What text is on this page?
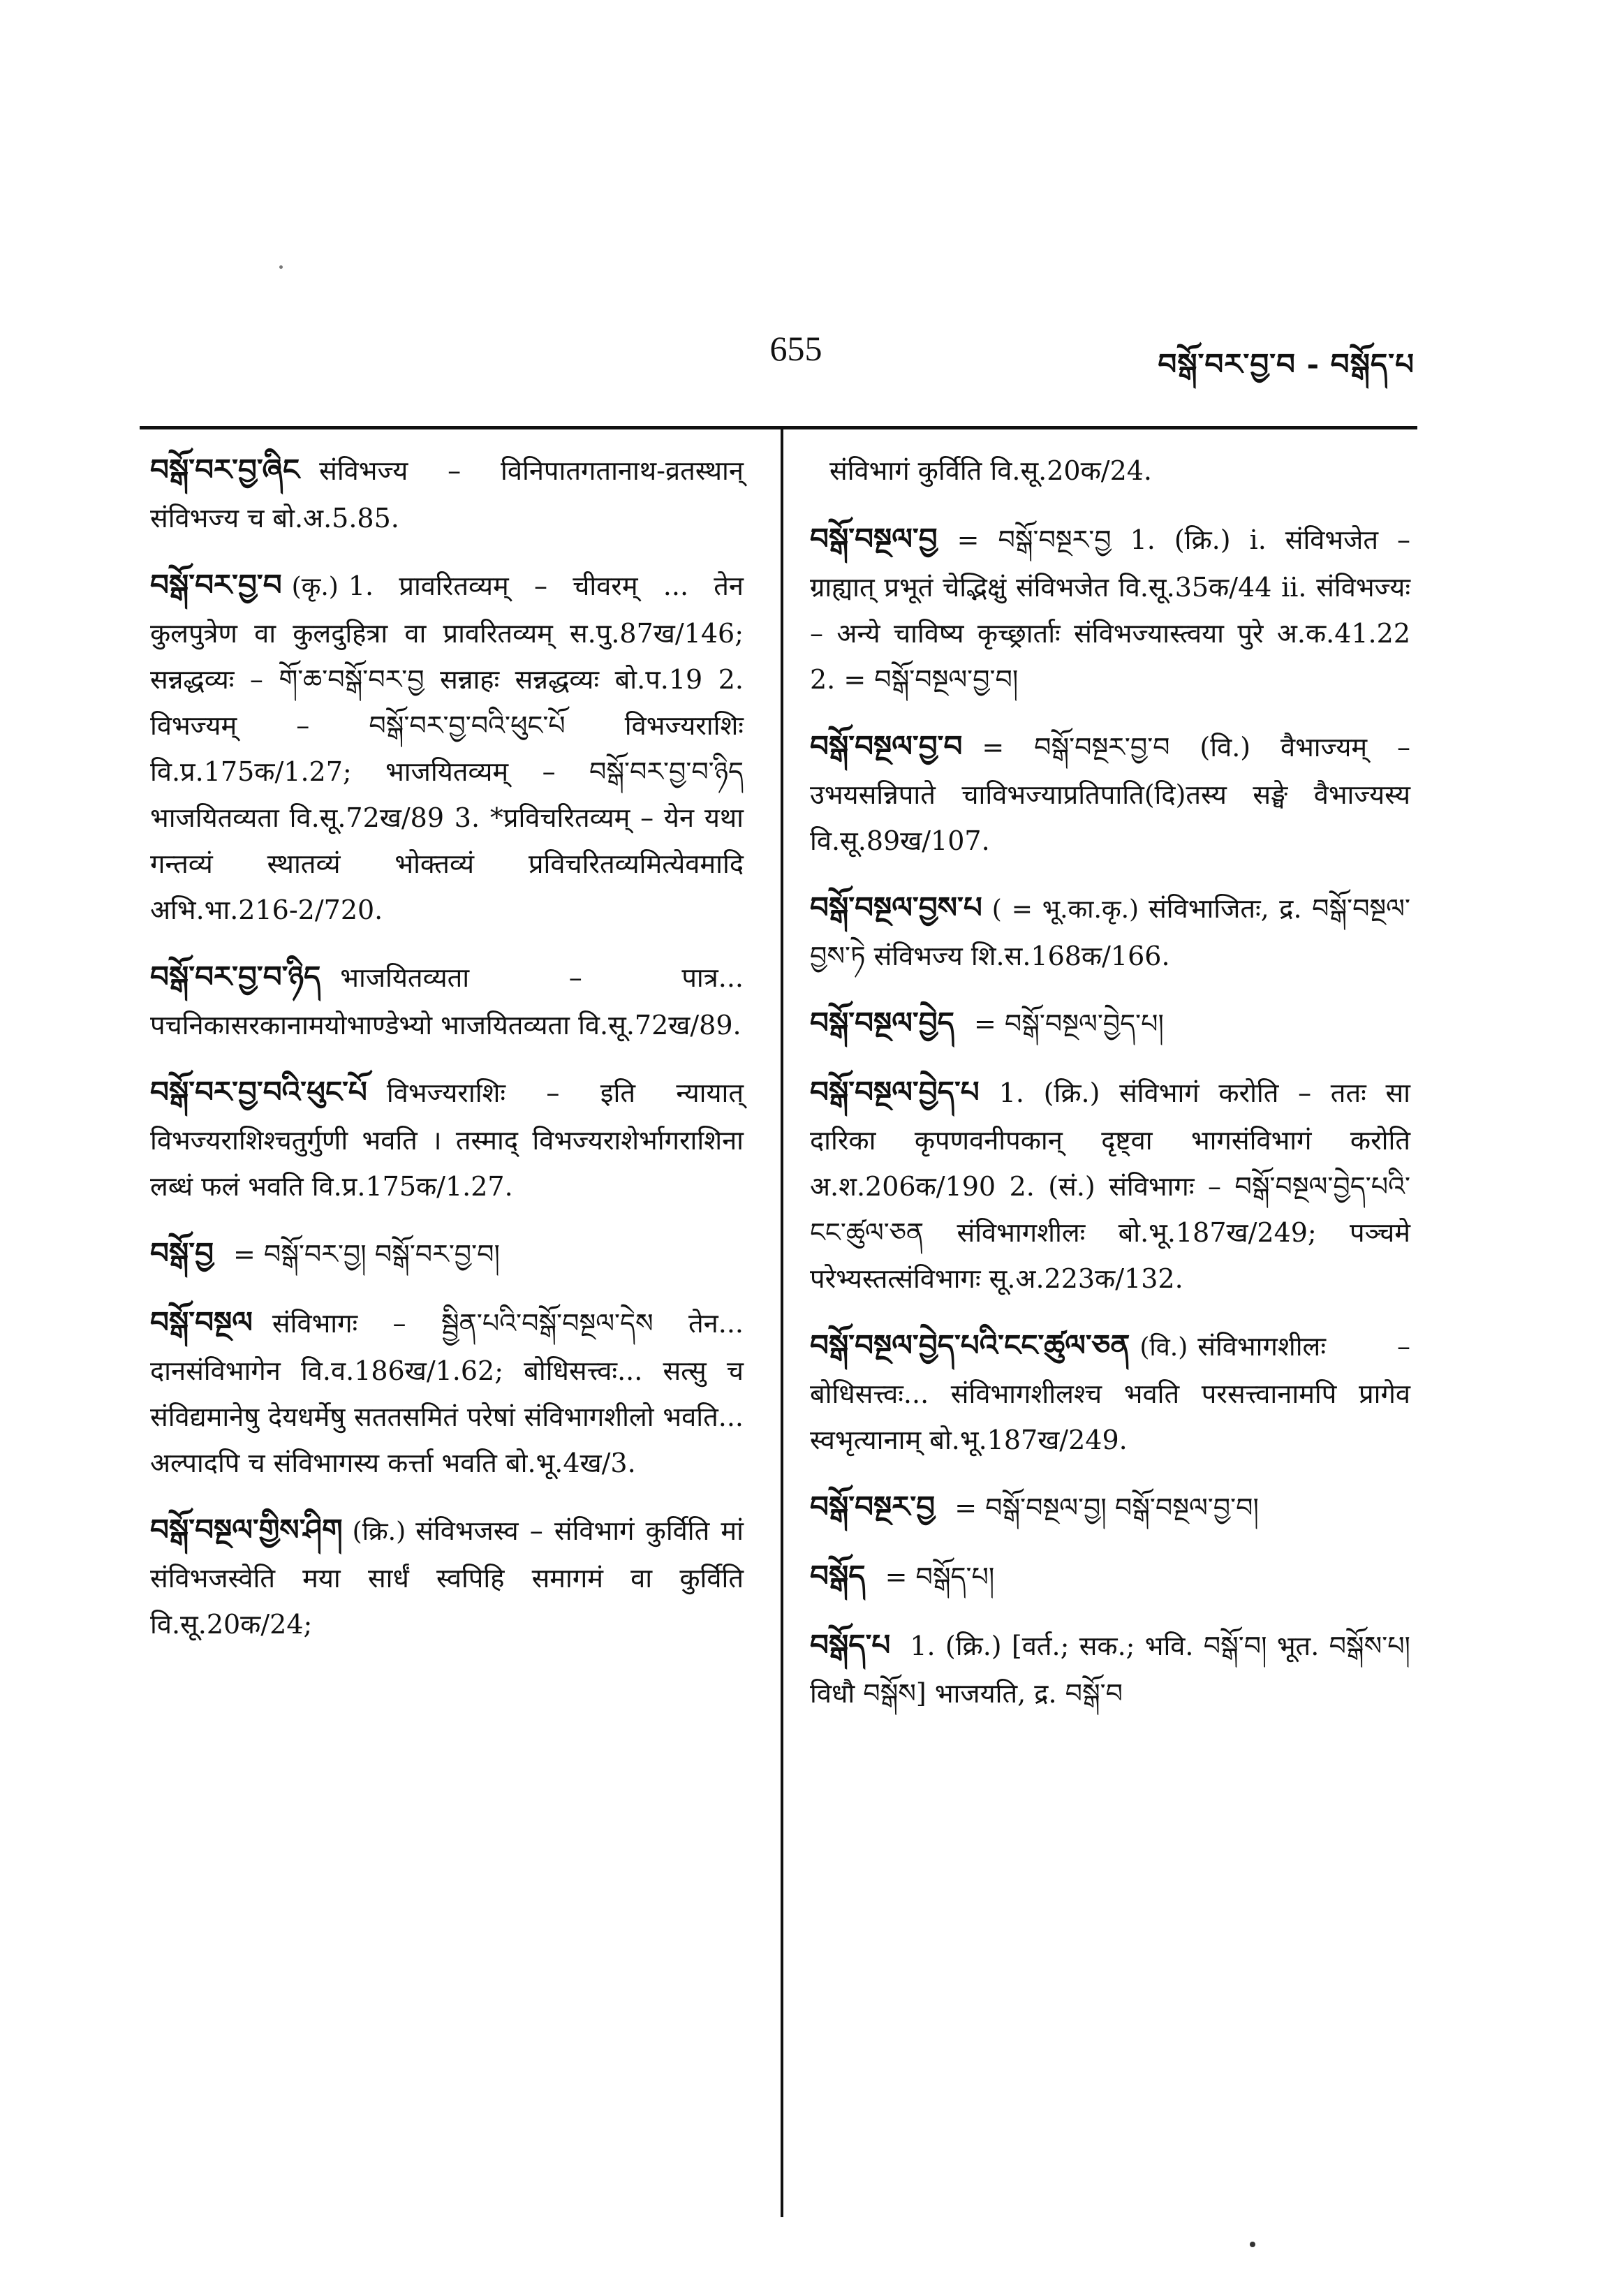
655	བསྒོ་བར་བྱ་བ - བསྒོད་པ
བསྒོ་བར་བྱ་ཞིང संविभज्य – विनिपातगतानाथ-व्रतस्थान् संविभज्य च बो.अ.5.85.
བསྒོ་བར་བྱ་བ (कृ.) 1. प्रावरितव्यम् – चीवरम् ... तेन कुलपुत्रेण वा कुलदुहित्रा वा प्रावरितव्यम् स.पु.87ख/146; सन्नद्धव्यः – གོ་ཆ་བསྒོ་བར་བྱ सन्नाहः सन्नद्धव्यः बो.प.19 2. विभज्यम् – བསྒོ་བར་བྱ་བའི་ཕུང་པོ विभज्यराशिः वि.प्र.175क/1.27; भाजयितव्यम् – བསྒོ་བར་བྱ་བ་ཉིད भाजयितव्यता वि.सू.72ख/89 3. *प्रविचरितव्यम् – येन यथा गन्तव्यं स्थातव्यं भोक्तव्यं प्रविचरितव्यमित्येवमादि अभि.भा.216-2/720.
བསྒོ་བར་བྱ་བ་ཉིད भाजयितव्यता – पात्र... पचनिकासरकानामयोभाण्डेभ्यो भाजयितव्यता वि.सू.72ख/89.
བསྒོ་བར་བྱ་བའི་ཕུང་པོ विभज्यराशिः – इति न्यायात् विभज्यराशिश्चतुर्गुणी भवति । तस्माद् विभज्यराशेर्भागराशिना लब्धं फलं भवति वि.प्र.175क/1.27.
བསྒོ་བྱ = བསྒོ་བར་བྱ། བསྒོ་བར་བྱ་བ།
བསྒོ་བསྔལ संविभागः – སྦྱིན་པའི་བསྒོ་བསྔལ་དེས तेन... दानसंविभागेन वि.व.186ख/1.62; बोधिसत्त्वः... सत्सु च संविद्यमानेषु देयधर्मेषु सततसमितं परेषां संविभागशीलो भवति... अल्पादपि च संविभागस्य कर्त्ता भवति बो.भू.4ख/3.
བསྒོ་བསྔལ་གྱིས་ཤིག (क्रि.) संविभजस्व – संविभागं कुर्विति मां संविभजस्वेति मया सार्धं स्वपिहि समागमं वा कुर्विति वि.सू.20क/24;
संविभागं कुर्विति वि.सू.20क/24.
བསྒོ་བསྔལ་བྱ = བསྒོ་བསྔར་བྱ 1. (क्रि.) i. संविभजेत – ग्राह्यात् प्रभूतं चेद्भिक्षुं संविभजेत वि.सू.35क/44 ii. संविभज्यः – अन्ये चाविष्य कृच्छ्रार्ताः संविभज्यास्त्वया पुरे अ.क.41.22 2. = བསྒོ་བསྔལ་བྱ་བ།
བསྒོ་བསྔལ་བྱ་བ = བསྒོ་བསྔར་བྱ་བ (वि.) वैभाज्यम् – उभयसन्निपाते चाविभज्याप्रतिपाति(दि)तस्य सङ्घे वैभाज्यस्य वि.सू.89ख/107.
བསྒོ་བསྔལ་བྱས་པ ( = भू.का.कृ.) संविभाजितः, द्र. བསྒོ་བསྔལ་བྱས་ཏེ संविभज्य शि.स.168क/166.
བསྒོ་བསྔལ་བྱེད = བསྒོ་བསྔལ་བྱེད་པ།
བསྒོ་བསྔལ་བྱེད་པ 1. (क्रि.) संविभागं करोति – ततः सा दारिका कृपणवनीपकान् दृष्ट्वा भागसंविभागं करोति अ.श.206क/190 2. (सं.) संविभागः – བསྒོ་བསྔལ་བྱེད་པའི་ངང་ཚུལ་ཅན संविभागशीलः बो.भू.187ख/249; पञ्चमे परेभ्यस्तत्संविभागः सू.अ.223क/132.
བསྒོ་བསྔལ་བྱེད་པའི་ངང་ཚུལ་ཅན (वि.) संविभागशीलः – बोधिसत्त्वः... संविभागशीलश्च भवति परसत्त्वानामपि प्रागेव स्वभृत्यानाम् बो.भू.187ख/249.
བསྒོ་བསྔར་བྱ = བསྒོ་བསྔལ་བྱ། བསྒོ་བསྔལ་བྱ་བ།
བསྒོད = བསྒོད་པ།
བསྒོད་པ 1. (क्रि.) [वर्त.; सक.; भवि. བསྒོ་བ། भूत. བསྒོས་པ། विधौ བསྒོས] भाजयति, द्र. བསྒོ་བ
